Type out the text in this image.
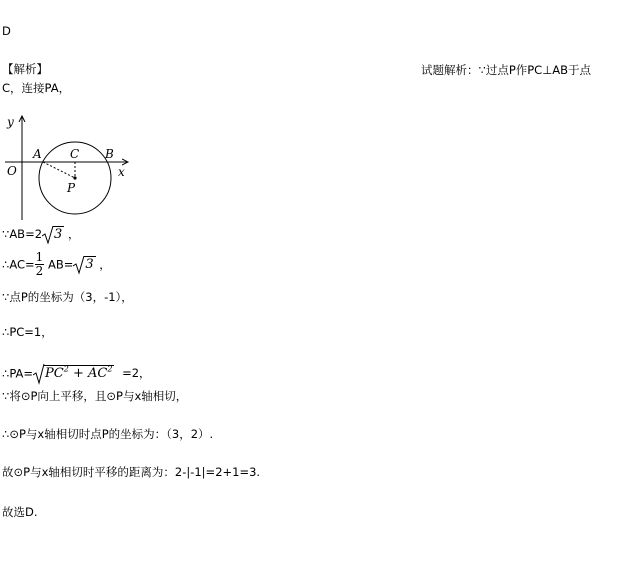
D
【解析】	试题解析：∵过点P作PC⊥AB于点
C，连接PA，
y
x
O
A C B
P
∵AB=2 3 ，
∴AC= $\frac{1}{2} AB= 3$ ，
∵点P的坐标为（3，-1），
∴PC=1，
∴PA= $PC^2 + AC^2 =2$，
∵将⊙P向上平移，且⊙P与x轴相切，
∴⊙P与x轴相切时点P的坐标为：（3，2）.
故⊙P与x轴相切时平移的距离为：2-|-1|=2+1=3.
故选D.
